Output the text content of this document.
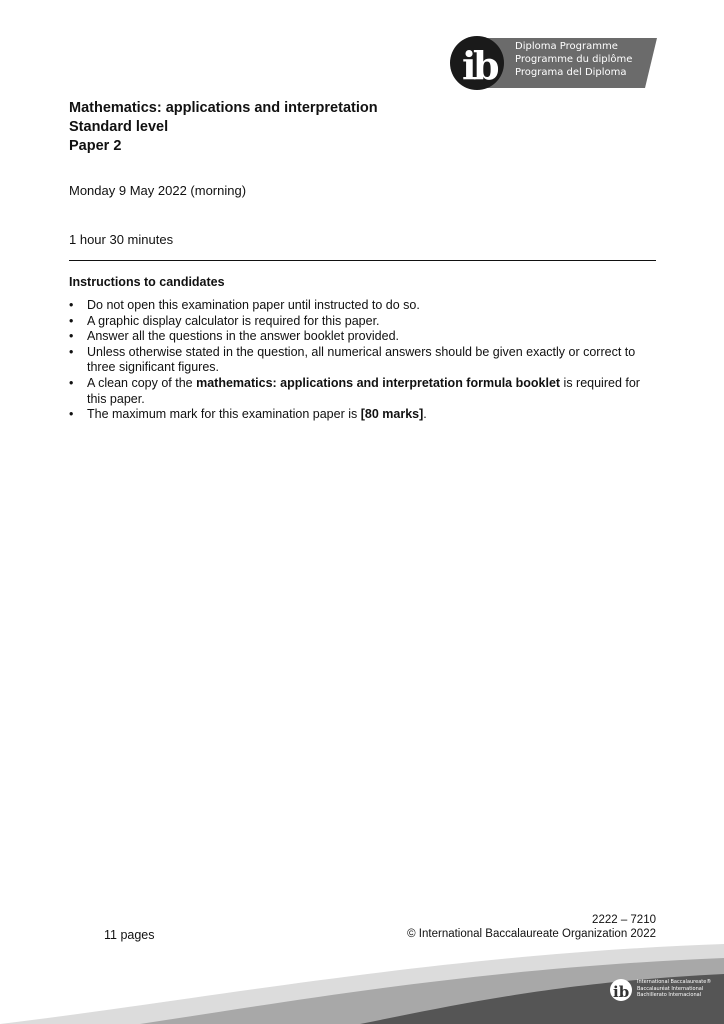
i
b Diploma Programme
Programme du diplôme
Programa del Diploma
Mathematics: applications and interpretation
Standard level
Paper 2
Monday 9 May 2022 (morning)
1 hour 30 minutes
Instructions to candidates
• Do not open this examination paper until instructed to do so.
• A graphic display calculator is required for this paper.
• Answer all the questions in the answer booklet provided.
• Unless otherwise stated in the question, all numerical answers should be given exactly or correct to three significant figures.
• A clean copy of the mathematics: applications and interpretation formula booklet is required for this paper.
• The maximum mark for this examination paper is [80 marks].
2222 – 7210
11 pages	© International Baccalaureate Organization 2022
ib
International Baccalaureate®
Baccalauréat International
Bachillerato Internacional
